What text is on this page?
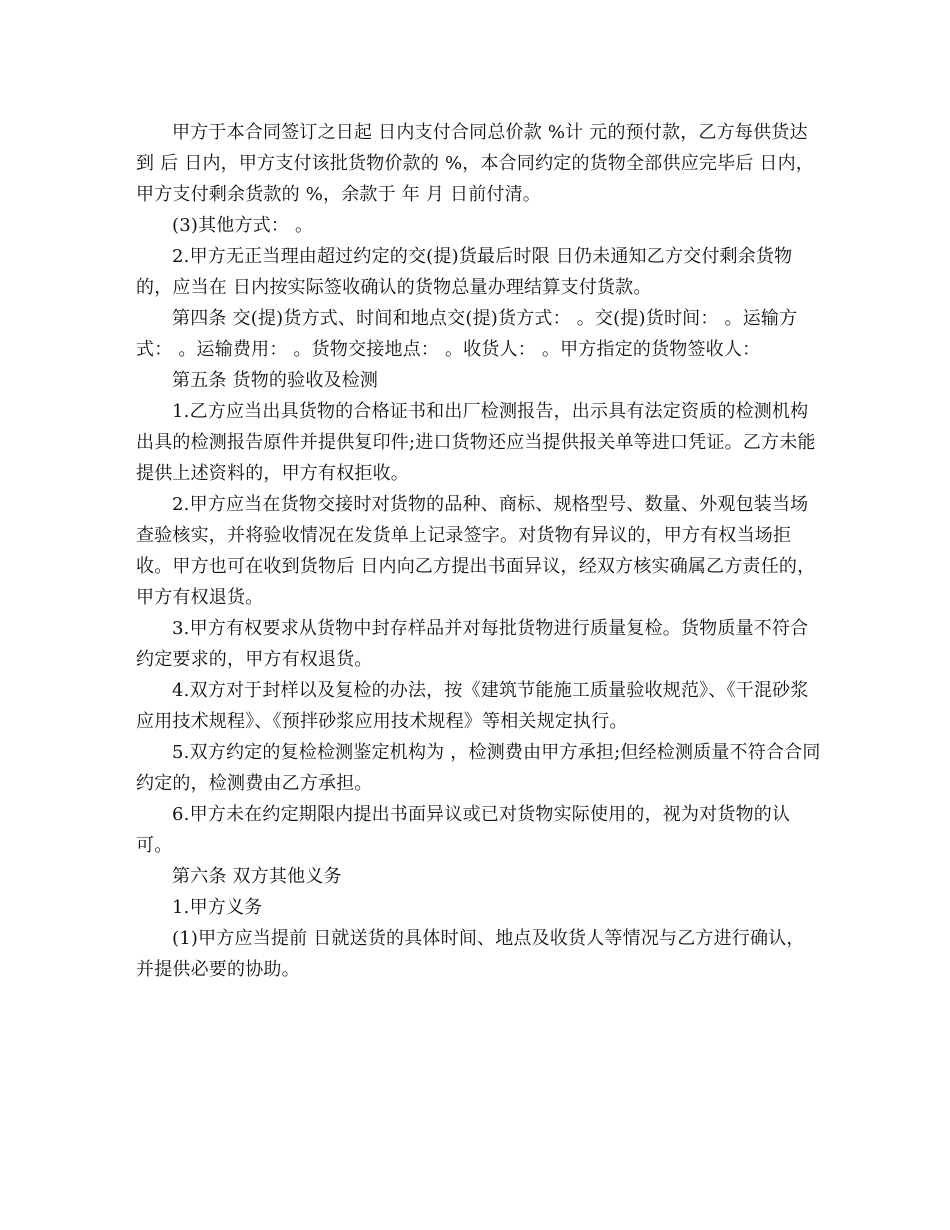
甲方于本合同签订之日起 日内支付合同总价款 %计 元的预付款，乙方每供货达到 后 日内，甲方支付该批货物价款的 %，本合同约定的货物全部供应完毕后 日内，甲方支付剩余货款的 %，余款于 年 月 日前付清。

(3)其他方式： 。

2.甲方无正当理由超过约定的交(提)货最后时限 日仍未通知乙方交付剩余货物的，应当在 日内按实际签收确认的货物总量办理结算支付货款。

第四条 交(提)货方式、时间和地点交(提)货方式： 。交(提)货时间： 。运输方式： 。运输费用： 。货物交接地点： 。收货人： 。甲方指定的货物签收人：

第五条 货物的验收及检测

1.乙方应当出具货物的合格证书和出厂检测报告，出示具有法定资质的检测机构出具的检测报告原件并提供复印件;进口货物还应当提供报关单等进口凭证。乙方未能提供上述资料的，甲方有权拒收。

2.甲方应当在货物交接时对货物的品种、商标、规格型号、数量、外观包装当场查验核实，并将验收情况在发货单上记录签字。对货物有异议的，甲方有权当场拒收。甲方也可在收到货物后 日内向乙方提出书面异议，经双方核实确属乙方责任的，甲方有权退货。

3.甲方有权要求从货物中封存样品并对每批货物进行质量复检。货物质量不符合约定要求的，甲方有权退货。

4.双方对于封样以及复检的办法，按《建筑节能施工质量验收规范》、《干混砂浆应用技术规程》、《预拌砂浆应用技术规程》等相关规定执行。

5.双方约定的复检检测鉴定机构为 ，检测费由甲方承担;但经检测质量不符合合同约定的，检测费由乙方承担。

6.甲方未在约定期限内提出书面异议或已对货物实际使用的，视为对货物的认可。

第六条 双方其他义务

1.甲方义务

(1)甲方应当提前 日就送货的具体时间、地点及收货人等情况与乙方进行确认，并提供必要的协助。
